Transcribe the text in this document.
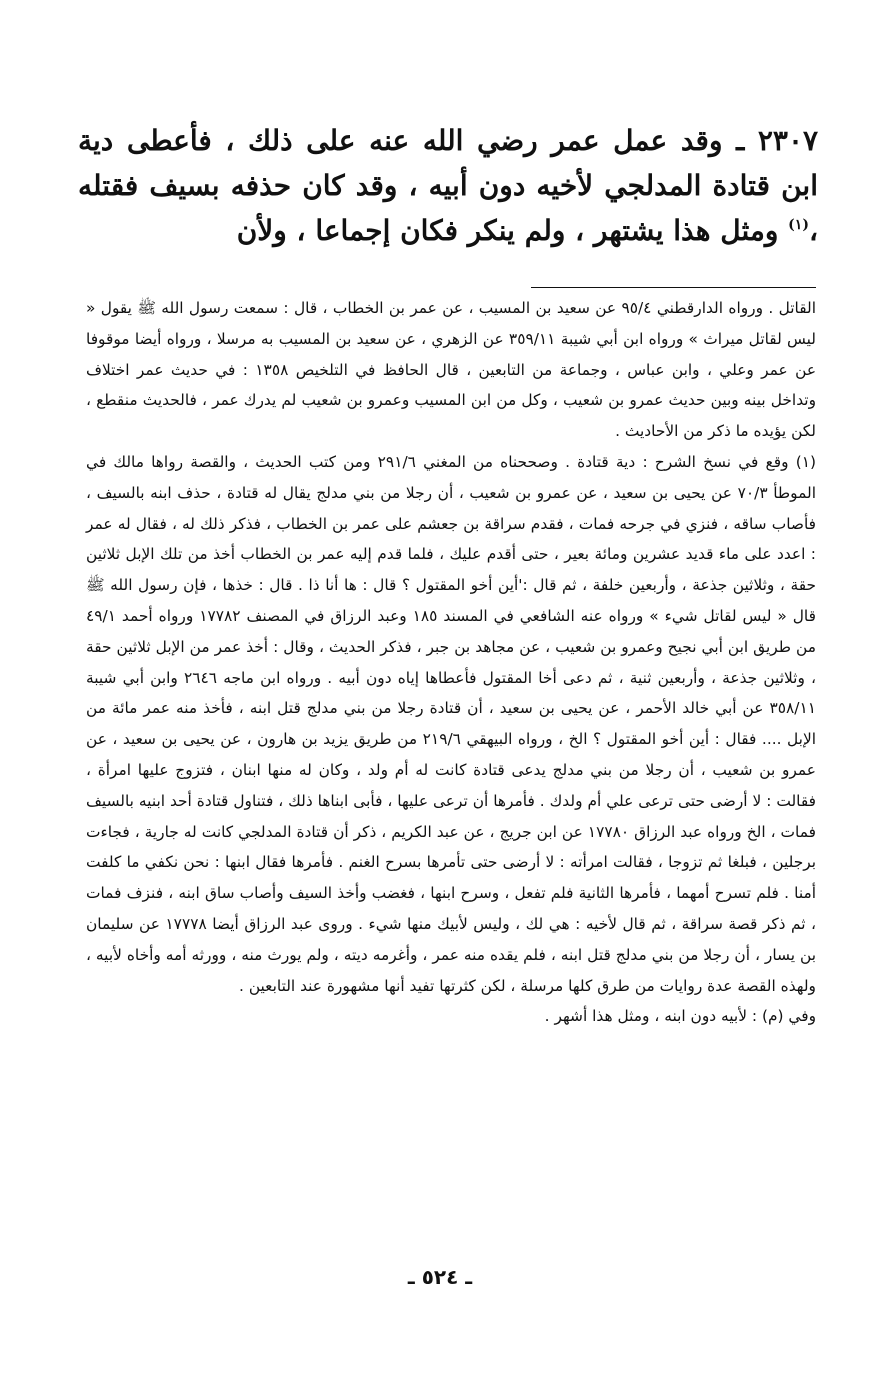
٢٣٠٧ ـ وقد عمل عمر رضي الله عنه على ذلك ، فأعطى دية ابن قتادة المدلجي لأخيه دون أبيه ، وقد كان حذفه بسيف فقتله ،$^{(١)}$ ومثل هذا يشتهر ، ولم ينكر فكان إجماعا ، ولأن

القاتل . ورواه الدارقطني ٩٥/٤ عن سعيد بن المسيب ، عن عمر بن الخطاب ، قال : سمعت رسول الله ﷺ يقول « ليس لقاتل ميراث » ورواه ابن أبي شيبة ٣٥٩/١١ عن الزهري ، عن سعيد بن المسيب به مرسلا ، ورواه أيضا موقوفا عن عمر وعلي ، وابن عباس ، وجماعة من التابعين ، قال الحافظ في التلخيص ١٣٥٨ : في حديث عمر اختلاف وتداخل بينه وبين حديث عمرو بن شعيب ، وكل من ابن المسيب وعمرو بن شعيب لم يدرك عمر ، فالحديث منقطع ، لكن يؤيده ما ذكر من الأحاديث .

(١) وقع في نسخ الشرح : دية قتادة . وصححناه من المغني ٢٩١/٦ ومن كتب الحديث ، والقصة رواها مالك في الموطأ ٧٠/٣ عن يحيى بن سعيد ، عن عمرو بن شعيب ، أن رجلا من بني مدلج يقال له قتادة ، حذف ابنه بالسيف ، فأصاب ساقه ، فنزي في جرحه فمات ، فقدم سراقة بن جعشم على عمر بن الخطاب ، فذكر ذلك له ، فقال له عمر : اعدد على ماء قديد عشرين ومائة بعير ، حتى أقدم عليك ، فلما قدم إليه عمر بن الخطاب أخذ من تلك الإبل ثلاثين حقة ، وثلاثين جذعة ، وأربعين خلفة ، ثم قال :'أين أخو المقتول ؟ قال : ها أنا ذا . قال : خذها ، فإن رسول الله ﷺ قال « ليس لقاتل شيء » ورواه عنه الشافعي في المسند ١٨٥ وعبد الرزاق في المصنف ١٧٧٨٢ ورواه أحمد ٤٩/١ من طريق ابن أبي نجيح وعمرو بن شعيب ، عن مجاهد بن جبر ، فذكر الحديث ، وقال : أخذ عمر من الإبل ثلاثين حقة ، وثلاثين جذعة ، وأربعين ثنية ، ثم دعى أخا المقتول فأعطاها إياه دون أبيه . ورواه ابن ماجه ٢٦٤٦ وابن أبي شيبة ٣٥٨/١١ عن أبي خالد الأحمر ، عن يحيى بن سعيد ، أن قتادة رجلا من بني مدلج قتل ابنه ، فأخذ منه عمر مائة من الإبل .... فقال : أين أخو المقتول ؟ الخ ، ورواه البيهقي ٢١٩/٦ من طريق يزيد بن هارون ، عن يحيى بن سعيد ، عن عمرو بن شعيب ، أن رجلا من بني مدلج يدعى قتادة كانت له أم ولد ، وكان له منها ابنان ، فتزوج عليها امرأة ، فقالت : لا أرضى حتى ترعى علي أم ولدك . فأمرها أن ترعى عليها ، فأبى ابناها ذلك ، فتناول قتادة أحد ابنيه بالسيف فمات ، الخ ورواه عبد الرزاق ١٧٧٨٠ عن ابن جريج ، عن عبد الكريم ، ذكر أن قتادة المدلجي كانت له جارية ، فجاءت برجلين ، فبلغا ثم تزوجا ، فقالت امرأته : لا أرضى حتى تأمرها بسرح الغنم . فأمرها فقال ابنها : نحن نكفي ما كلفت أمنا . فلم تسرح أمهما ، فأمرها الثانية فلم تفعل ، وسرح ابنها ، فغضب وأخذ السيف وأصاب ساق ابنه ، فنزف فمات ، ثم ذكر قصة سراقة ، ثم قال لأخيه : هي لك ، وليس لأبيك منها شيء . وروى عبد الرزاق أيضا ١٧٧٧٨ عن سليمان بن يسار ، أن رجلا من بني مدلج قتل ابنه ، فلم يقده منه عمر ، وأغرمه ديته ، ولم يورث منه ، وورثه أمه وأخاه لأبيه ، ولهذه القصة عدة روايات من طرق كلها مرسلة ، لكن كثرتها تفيد أنها مشهورة عند التابعين .

وفي (م) : لأبيه دون ابنه ، ومثل هذا أشهر .

ـ ٥٢٤ ـ
